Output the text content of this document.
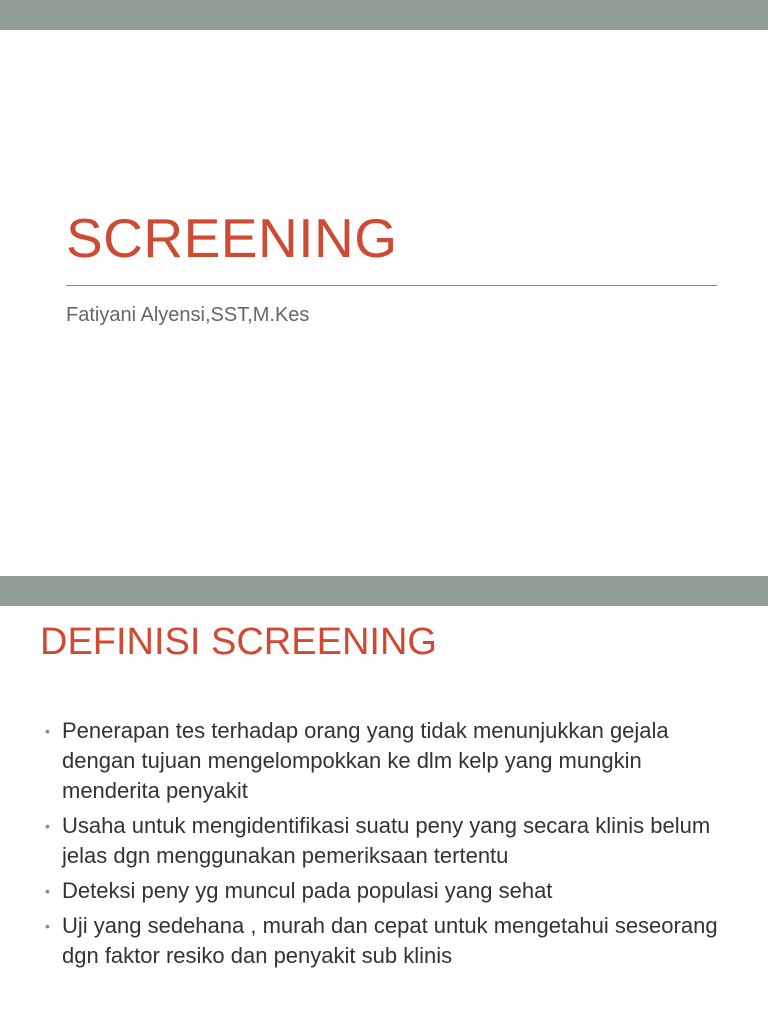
SCREENING

Fatiyani Alyensi,SST,M.Kes

DEFINISI SCREENING
• Penerapan tes terhadap orang yang tidak menunjukkan gejala dengan tujuan mengelompokkan ke dlm kelp yang mungkin menderita penyakit
• Usaha untuk mengidentifikasi suatu peny yang secara klinis belum jelas dgn menggunakan pemeriksaan tertentu
• Deteksi peny yg muncul pada populasi yang sehat
• Uji yang sedehana , murah dan cepat untuk mengetahui seseorang dgn faktor resiko dan penyakit sub klinis
